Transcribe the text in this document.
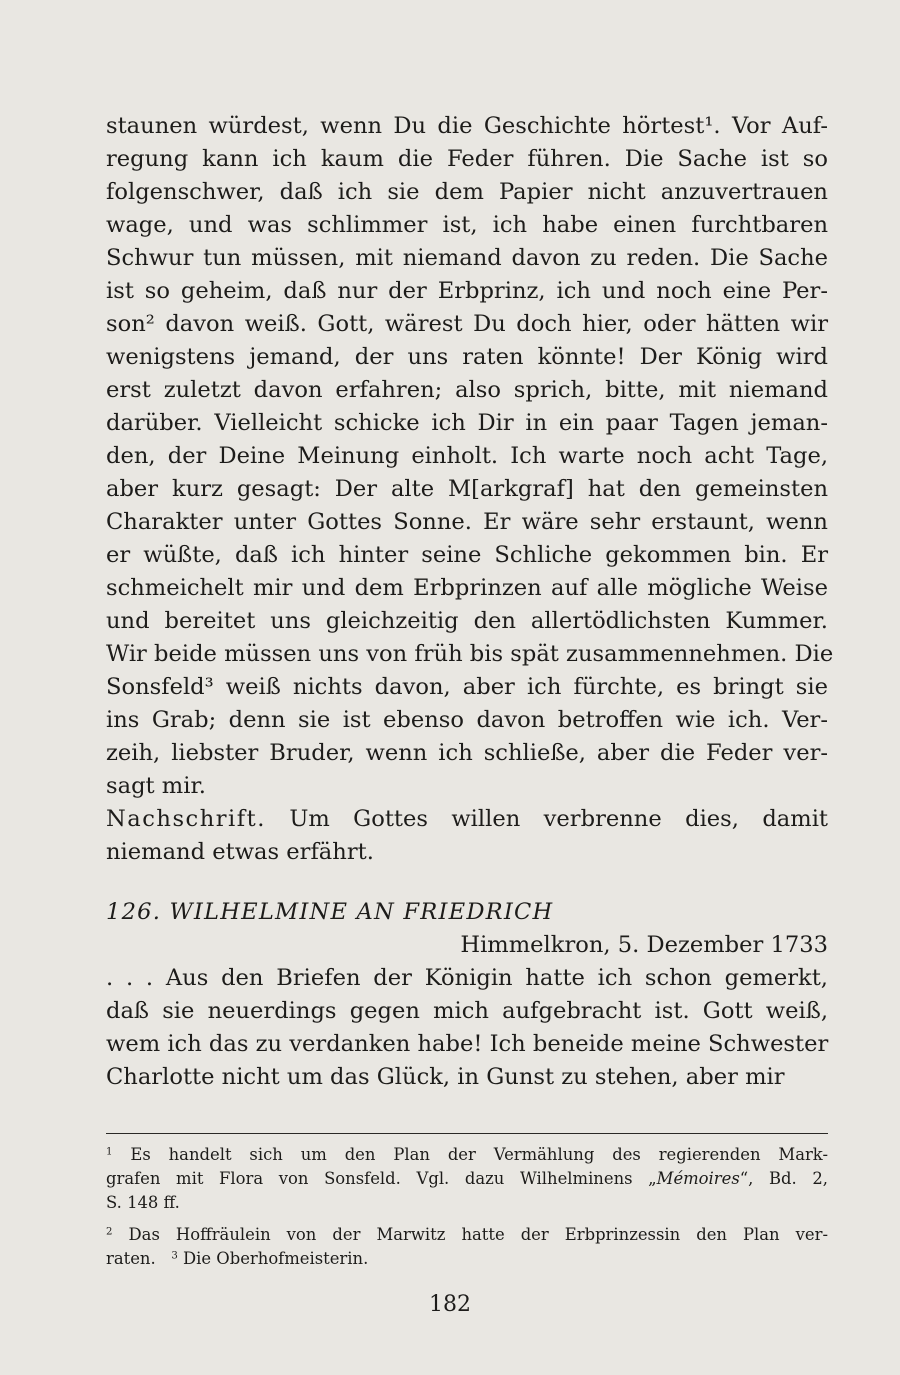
staunen würdest, wenn Du die Geschichte hörtest¹. Vor Auf-
regung kann ich kaum die Feder führen. Die Sache ist so
folgenschwer, daß ich sie dem Papier nicht anzuvertrauen
wage, und was schlimmer ist, ich habe einen furchtbaren
Schwur tun müssen, mit niemand davon zu reden. Die Sache
ist so geheim, daß nur der Erbprinz, ich und noch eine Per-
son² davon weiß. Gott, wärest Du doch hier, oder hätten wir
wenigstens jemand, der uns raten könnte! Der König wird
erst zuletzt davon erfahren; also sprich, bitte, mit niemand
darüber. Vielleicht schicke ich Dir in ein paar Tagen jeman-
den, der Deine Meinung einholt. Ich warte noch acht Tage,
aber kurz gesagt: Der alte M[arkgraf] hat den gemeinsten
Charakter unter Gottes Sonne. Er wäre sehr erstaunt, wenn
er wüßte, daß ich hinter seine Schliche gekommen bin. Er
schmeichelt mir und dem Erbprinzen auf alle mögliche Weise
und bereitet uns gleichzeitig den allertödlichsten Kummer.
Wir beide müssen uns von früh bis spät zusammennehmen. Die
Sonsfeld³ weiß nichts davon, aber ich fürchte, es bringt sie
ins Grab; denn sie ist ebenso davon betroffen wie ich. Ver-
zeih, liebster Bruder, wenn ich schließe, aber die Feder ver-
sagt mir.
Nachschrift. Um Gottes willen verbrenne dies, damit
niemand etwas erfährt.
126. WILHELMINE AN FRIEDRICH
Himmelkron, 5. Dezember 1733
. . . Aus den Briefen der Königin hatte ich schon gemerkt,
daß sie neuerdings gegen mich aufgebracht ist. Gott weiß,
wem ich das zu verdanken habe! Ich beneide meine Schwester
Charlotte nicht um das Glück, in Gunst zu stehen, aber mir
$^1$ Es handelt sich um den Plan der Vermählung des regierenden Mark-
grafen mit Flora von Sonsfeld. Vgl. dazu Wilhelminens „Mémoires“, Bd. 2,
S. 148 ff.
$^2$ Das Hoffräulein von der Marwitz hatte der Erbprinzessin den Plan ver-
raten. $^3$ Die Oberhofmeisterin.
182
